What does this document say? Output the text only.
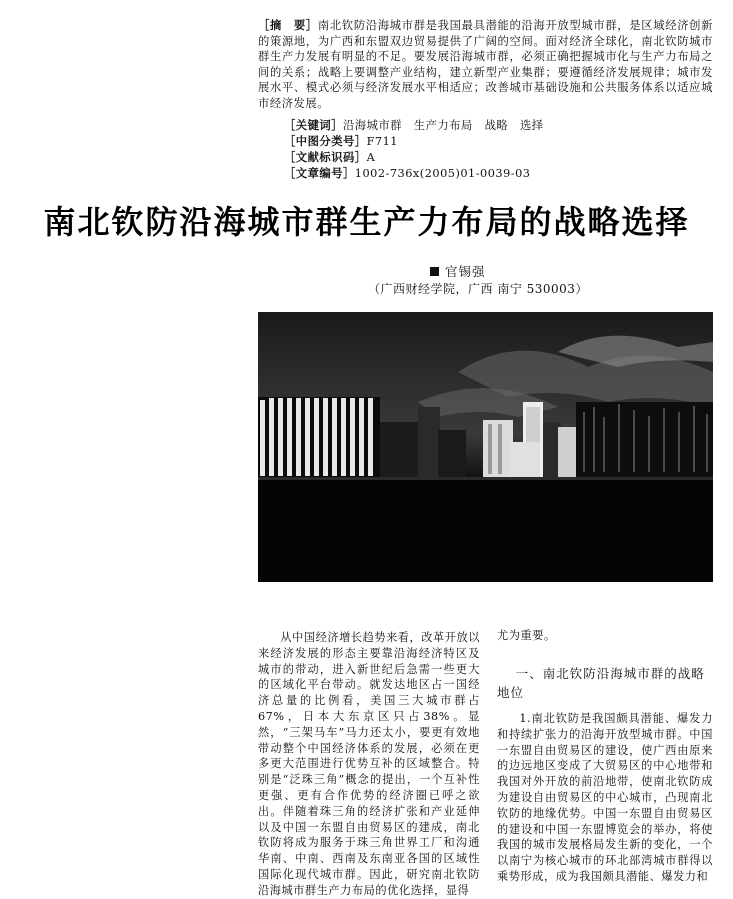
［摘　要］南北钦防沿海城市群是我国最具潜能的沿海开放型城市群，是区域经济创新的策源地，为广西和东盟双边贸易提供了广阔的空间。面对经济全球化，南北钦防城市群生产力发展有明显的不足。要发展沿海城市群，必须正确把握城市化与生产力布局之间的关系；战略上要调整产业结构，建立新型产业集群；要遵循经济发展规律；城市发展水平、模式必须与经济发展水平相适应；改善城市基础设施和公共服务体系以适应城市经济发展。
［关键词］沿海城市群　生产力布局　战略　选择
［中图分类号］F711
［文献标识码］A
［文章编号］1002-736x(2005)01-0039-03
南北钦防沿海城市群生产力布局的战略选择
官锡强
（广西财经学院，广西 南宁 530003）
从中国经济增长趋势来看，改革开放以来经济发展的形态主要靠沿海经济特区及城市的带动，进入新世纪后急需一些更大的区域化平台带动。就发达地区占一国经济总量的比例看，美国三大城市群占67%，日本大东京区只占38%。显然，“三架马车”马力还太小，要更有效地带动整个中国经济体系的发展，必须在更多更大范围进行优势互补的区域整合。特别是“泛珠三角”概念的提出，一个互补性更强、更有合作优势的经济圈已呼之欲出。伴随着珠三角的经济扩张和产业延伸以及中国一东盟自由贸易区的建成，南北钦防将成为服务于珠三角世界工厂和沟通华南、中南、西南及东南亚各国的区域性国际化现代城市群。因此，研究南北钦防沿海城市群生产力布局的优化选择，显得
尤为重要。
一、南北钦防沿海城市群的战略地位
1.南北钦防是我国颇具潜能、爆发力和持续扩张力的沿海开放型城市群。中国一东盟自由贸易区的建设，使广西由原来的边远地区变成了大贸易区的中心地带和我国对外开放的前沿地带，使南北钦防成为建设自由贸易区的中心城市，凸现南北钦防的地缘优势。中国一东盟自由贸易区的建设和中国一东盟博览会的举办，将使我国的城市发展格局发生新的变化，一个以南宁为核心城市的环北部湾城市群得以乘势形成，成为我国颇具潜能、爆发力和
